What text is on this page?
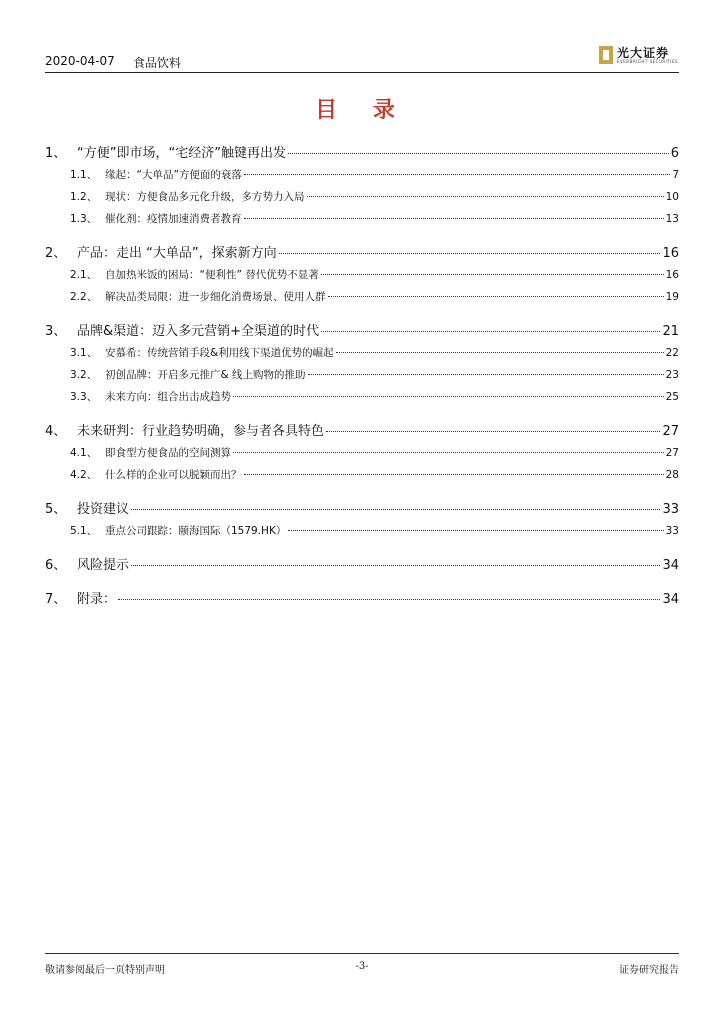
2020-04-07 食品饮料
光大证券
EVERBRIGHT SECURITIES
目 录
1、 “方便”即市场，“宅经济”触键再出发	6
1.1、 缘起：“大单品”方便面的衰落	7
1.2、 现状：方便食品多元化升级，多方势力入局	10
1.3、 催化剂：疫情加速消费者教育	13
2、 产品：走出 “大单品”，探索新方向	16
2.1、 自加热米饭的困局：“便利性” 替代优势不显著	16
2.2、 解决品类局限：进一步细化消费场景、使用人群	19
3、 品牌&渠道：迈入多元营销+全渠道的时代	21
3.1、 安慕希：传统营销手段&利用线下渠道优势的崛起	22
3.2、 初创品牌：开启多元推广& 线上购物的推助	23
3.3、 未来方向：组合出击成趋势	25
4、 未来研判：行业趋势明确，参与者各具特色	27
4.1、 即食型方便食品的空间测算	27
4.2、 什么样的企业可以脱颖而出？	28
5、 投资建议	33
5.1、 重点公司跟踪：颐海国际（1579.HK）	33
6、 风险提示	34
7、 附录：	34
敬请参阅最后一页特别声明	-3-	证券研究报告
